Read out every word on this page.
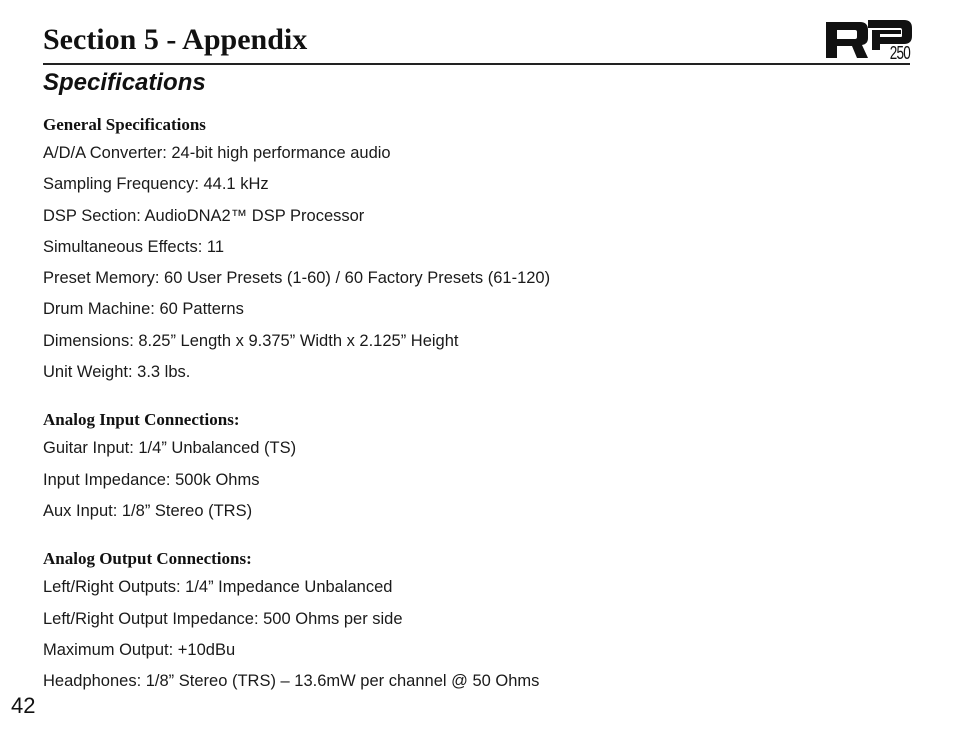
Section 5 - Appendix	250
Specifications
General Specifications
A/D/A Converter: 24-bit high performance audio
Sampling Frequency: 44.1 kHz
DSP Section: AudioDNA2™ DSP Processor
Simultaneous Effects: 11
Preset Memory: 60 User Presets (1-60) / 60 Factory Presets (61-120)
Drum Machine: 60 Patterns
Dimensions: 8.25” Length x 9.375” Width x 2.125” Height
Unit Weight: 3.3 lbs.
Analog Input Connections:
Guitar Input: 1/4” Unbalanced (TS)
Input Impedance: 500k Ohms
Aux Input: 1/8” Stereo (TRS)
Analog Output Connections:
Left/Right Outputs: 1/4” Impedance Unbalanced
Left/Right Output Impedance: 500 Ohms per side
Maximum Output: +10dBu
Headphones: 1/8” Stereo (TRS) – 13.6mW per channel @ 50 Ohms
42
